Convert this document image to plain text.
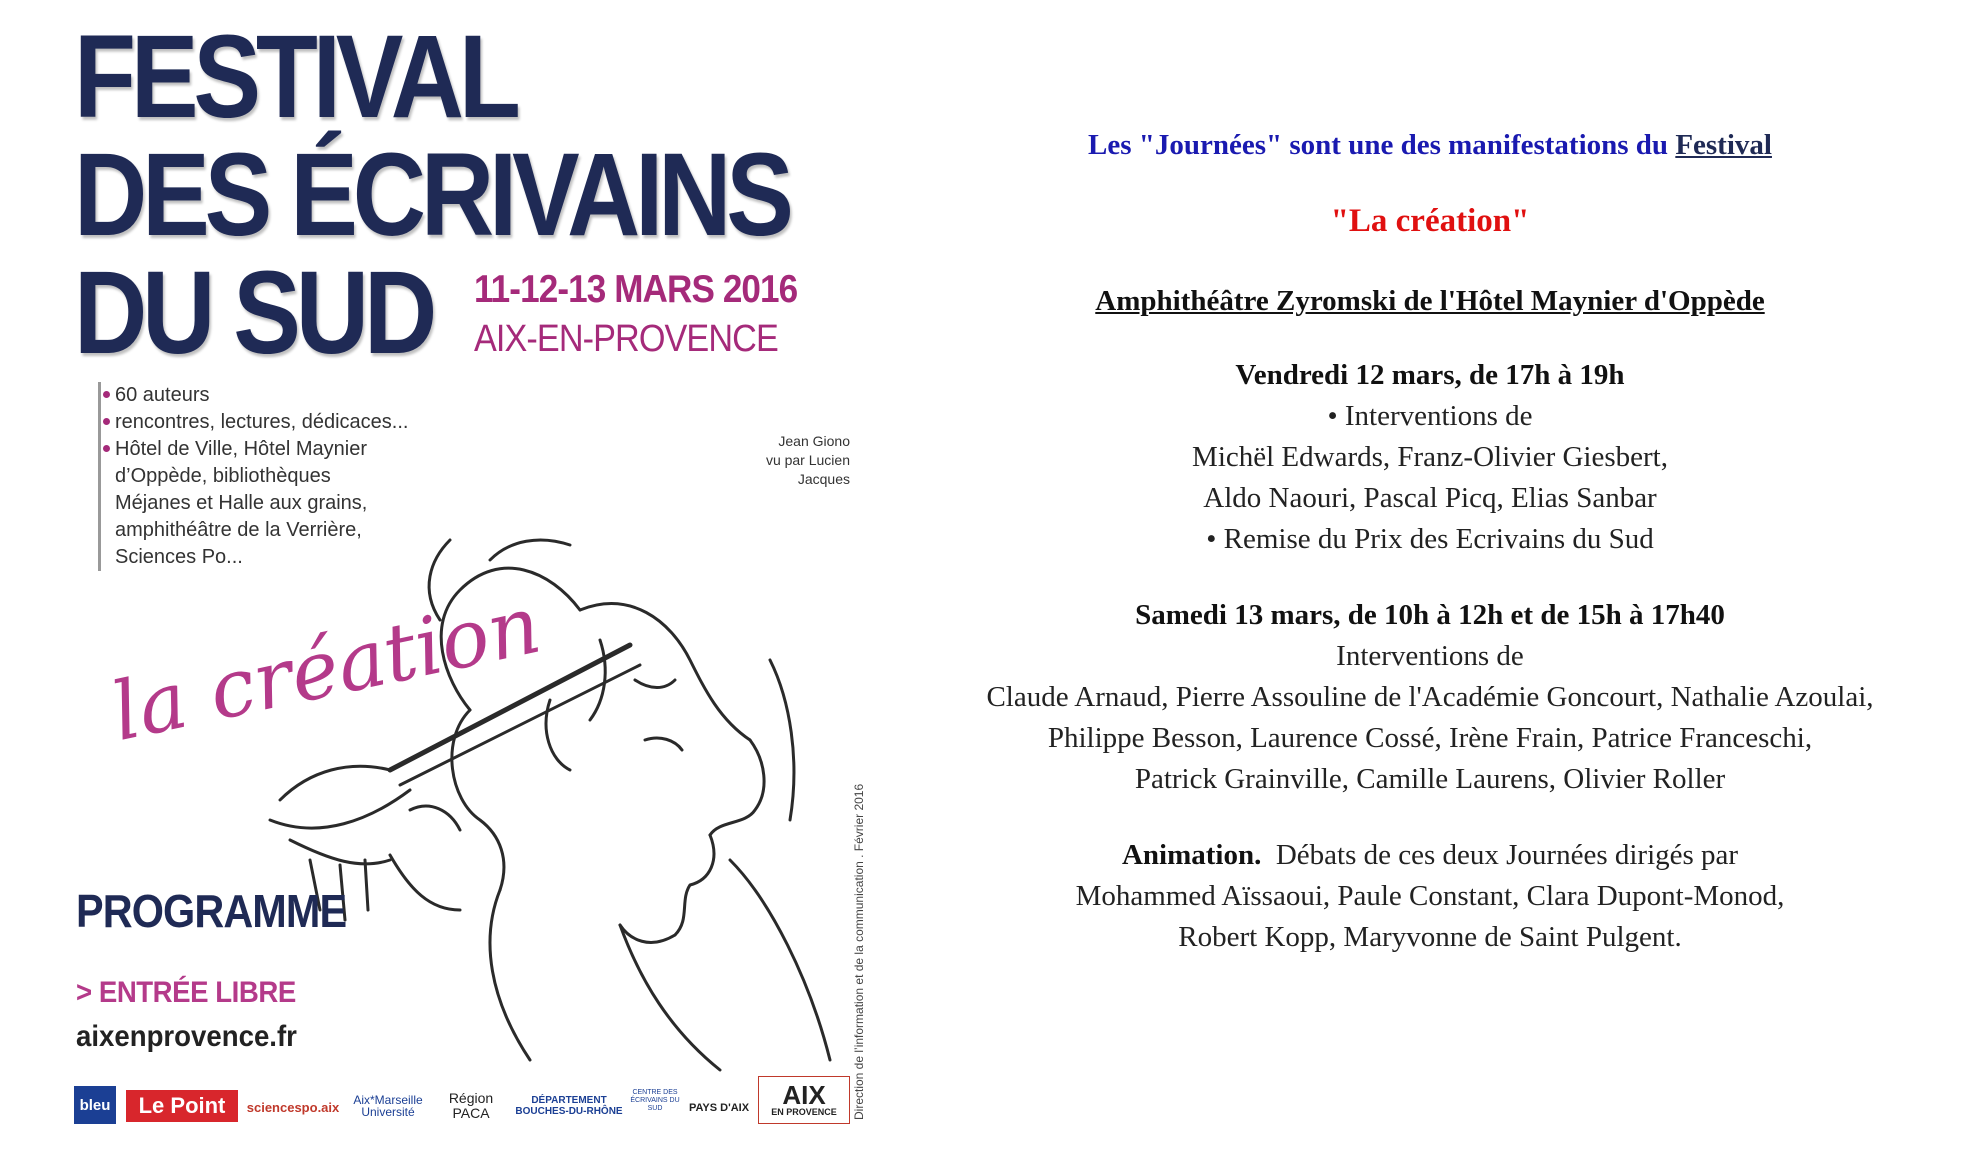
FESTIVAL
DES ÉCRIVAINS
DU SUD	11-12-13 MARS 2016
AIX-EN-PROVENCE
60 auteurs
rencontres, lectures, dédicaces...
Hôtel de Ville, Hôtel Maynier
d’Oppède, bibliothèques
Méjanes et Halle aux grains,
amphithéâtre de la Verrière,
Sciences Po...
Jean Giono
vu par Lucien
Jacques
la création
PROGRAMME
> ENTRÉE LIBRE
aixenprovence.fr	Direction de l’information et de la communication . Février 2016
bleu	Le Point	sciencespo.aix	Aix*Marseille Université
Région PACA
DÉPARTEMENT BOUCHES-DU-RHÔNE
CENTRE DES ÉCRIVAINS DU SUD	PAYS D'AIX	AIX
EN PROVENCE
Les "Journées" sont une des manifestations du Festival
"La création"
Amphithéâtre Zyromski de l'Hôtel Maynier d'Oppède
Vendredi 12 mars, de 17h à 19h
• Interventions de
Michël Edwards, Franz-Olivier Giesbert,
Aldo Naouri, Pascal Picq, Elias Sanbar
• Remise du Prix des Ecrivains du Sud
Samedi 13 mars, de 10h à 12h et de 15h à 17h40
Interventions de
Claude Arnaud, Pierre Assouline de l'Académie Goncourt, Nathalie Azoulai,
Philippe Besson, Laurence Cossé, Irène Frain, Patrice Franceschi,
Patrick Grainville, Camille Laurens, Olivier Roller
Animation.  Débats de ces deux Journées dirigés par
Mohammed Aïssaoui, Paule Constant, Clara Dupont-Monod,
Robert Kopp, Maryvonne de Saint Pulgent.
